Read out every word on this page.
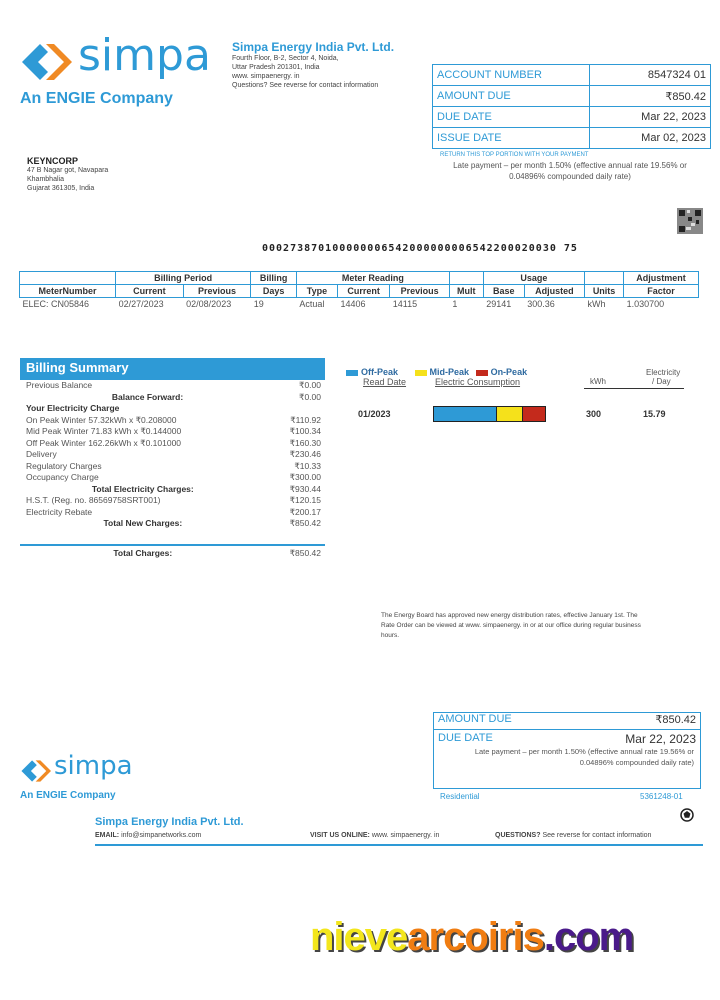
simpa
An ENGIE Company
Simpa Energy India Pvt. Ltd.
Fourth Floor, B-2, Sector 4, Noida,
Uttar Pradesh 201301, India
www. simpaenergy. in
Questions? See reverse for contact information
ACCOUNT NUMBER	8547324 01
AMOUNT DUE	₹850.42
DUE DATE	Mar 22, 2023
ISSUE DATE	Mar 02, 2023
RETURN THIS TOP PORTION WITH YOUR PAYMENT
Late payment – per month 1.50% (effective annual rate 19.56% or 0.04896% compounded daily rate)
KEYNCORP
47 B Nagar got, Navapara
Khambhalia
Gujarat 361305, India
000273870100000006542000000006542200020030 75
	Billing Period		Billing	Meter Reading				Usage			Adjustment
MeterNumber	Current	Previous	Days	Type	Current	Previous	Mult	Base	Adjusted	Units	Factor
ELEC: CN05846	02/27/2023	02/08/2023	19	Actual	14406	14115	1	29141	300.36	kWh	1.030700
Billing Summary
Previous Balance	₹0.00
Balance Forward:	₹0.00
Your Electricity Charge
On Peak Winter 57.32kWh x ₹0.208000	₹110.92
Mid Peak Winter 71.83 kWh x ₹0.144000	₹100.34
Off Peak Winter 162.26kWh x ₹0.101000	₹160.30
Delivery	₹230.46
Regulatory Charges	₹10.33
Occupancy Charge	₹300.00
Total Electricity Charges:	₹930.44
H.S.T. (Reg. no. 86569758SRT001)	₹120.15
Electricity Rebate	₹200.17
Total New Charges:	₹850.42
Total Charges:	₹850.42
Off-Peak	Mid-Peak On-Peak
Read Date	Electric Consumption
Electricity
kWh	/ Day
01/2023	300	15.79
The Energy Board has approved new energy distribution rates, effective January 1st. The Rate Order can be viewed at www. simpaenergy. in or at our office during regular business hours.
AMOUNT DUE	₹850.42
DUE DATE	Mar 22, 2023
Late payment – per month 1.50% (effective annual rate 19.56% or 0.04896% compounded daily rate)
Residential	5361248-01
simpa
An ENGIE Company
Simpa Energy India Pvt. Ltd.
EMAIL: info@simpanetworks.com	VISIT US ONLINE: www. simpaenergy. in	QUESTIONS? See reverse for contact information
nievearcoiris.com
